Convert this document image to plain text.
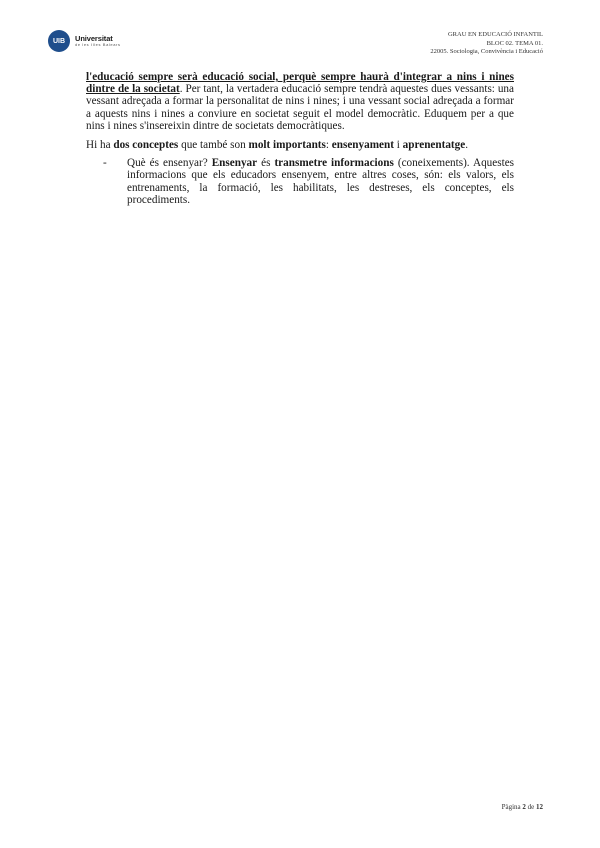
UIB	Universitat
de les Illes Balears
GRAU EN EDUCACIÓ INFANTIL
BLOC 02. TEMA 01.
22005. Sociologia, Convivència i Educació

l'educació sempre serà educació social, perquè sempre haurà d'integrar a nins i nines dintre de la societat. Per tant, la vertadera educació sempre tendrà aquestes dues vessants: una vessant adreçada a formar la personalitat de nins i nines; i una vessant social adreçada a formar a aquests nins i nines a conviure en societat seguit el model democràtic. Eduquem per a que nins i nines s'insereixin dintre de societats democràtiques.

Hi ha dos conceptes que també son molt importants: ensenyament i aprenentatge.

-	Què és ensenyar? Ensenyar és transmetre informacions (coneixements). Aquestes informacions que els educadors ensenyem, entre altres coses, són: els valors, els entrenaments, la formació, les habilitats, les destreses, els conceptes, els procediments.
Pàgina 2 de 12
